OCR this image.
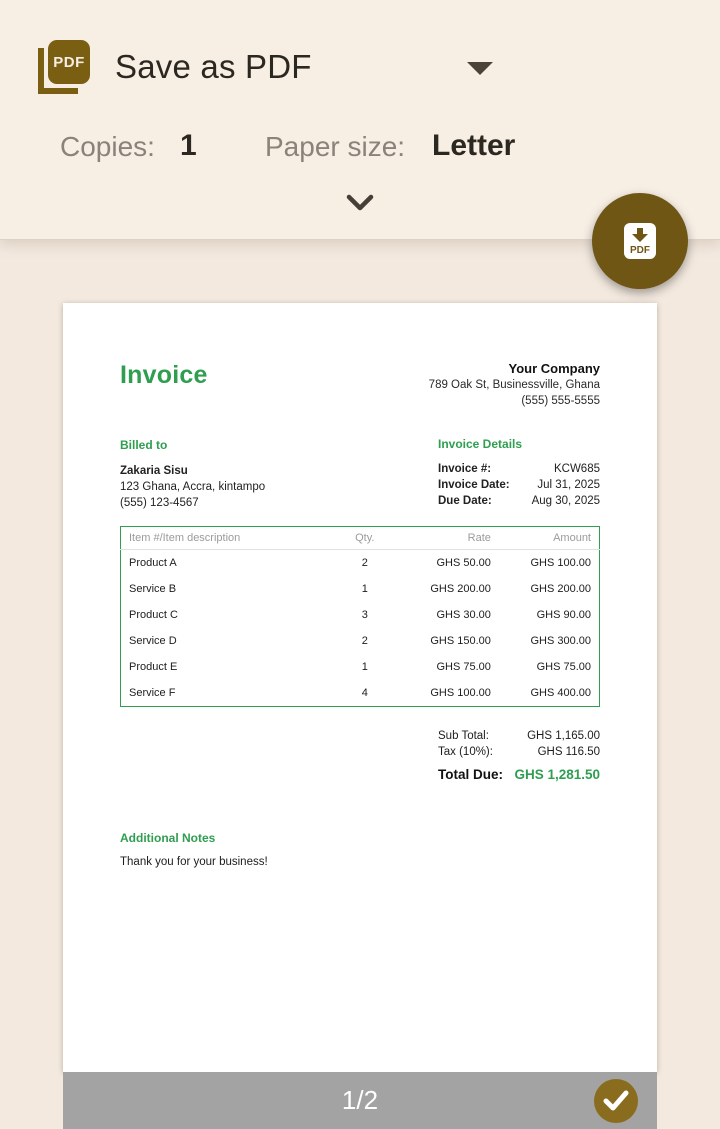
PDF Save as PDF
Copies: 1 Paper size: Letter
PDF
Invoice	Your Company
789 Oak St, Businessville, Ghana
(555) 555-5555
Billed to
Zakaria Sisu
123 Ghana, Accra, kintampo
(555) 123-4567
Invoice Details
Invoice #:	KCW685
Invoice Date: Jul 31, 2025
Due Date:	Aug 30, 2025
Item #/Item description	Qty.	Rate	Amount
Product A	2	GHS 50.00	GHS 100.00
Service B	1	GHS 200.00	GHS 200.00
Product C	3	GHS 30.00	GHS 90.00
Service D	2	GHS 150.00	GHS 300.00
Product E	1	GHS 75.00	GHS 75.00
Service F	4	GHS 100.00	GHS 400.00
Sub Total:	GHS 1,165.00
Tax (10%):	GHS 116.50
Total Due: GHS 1,281.50
Additional Notes
Thank you for your business!
1/2
